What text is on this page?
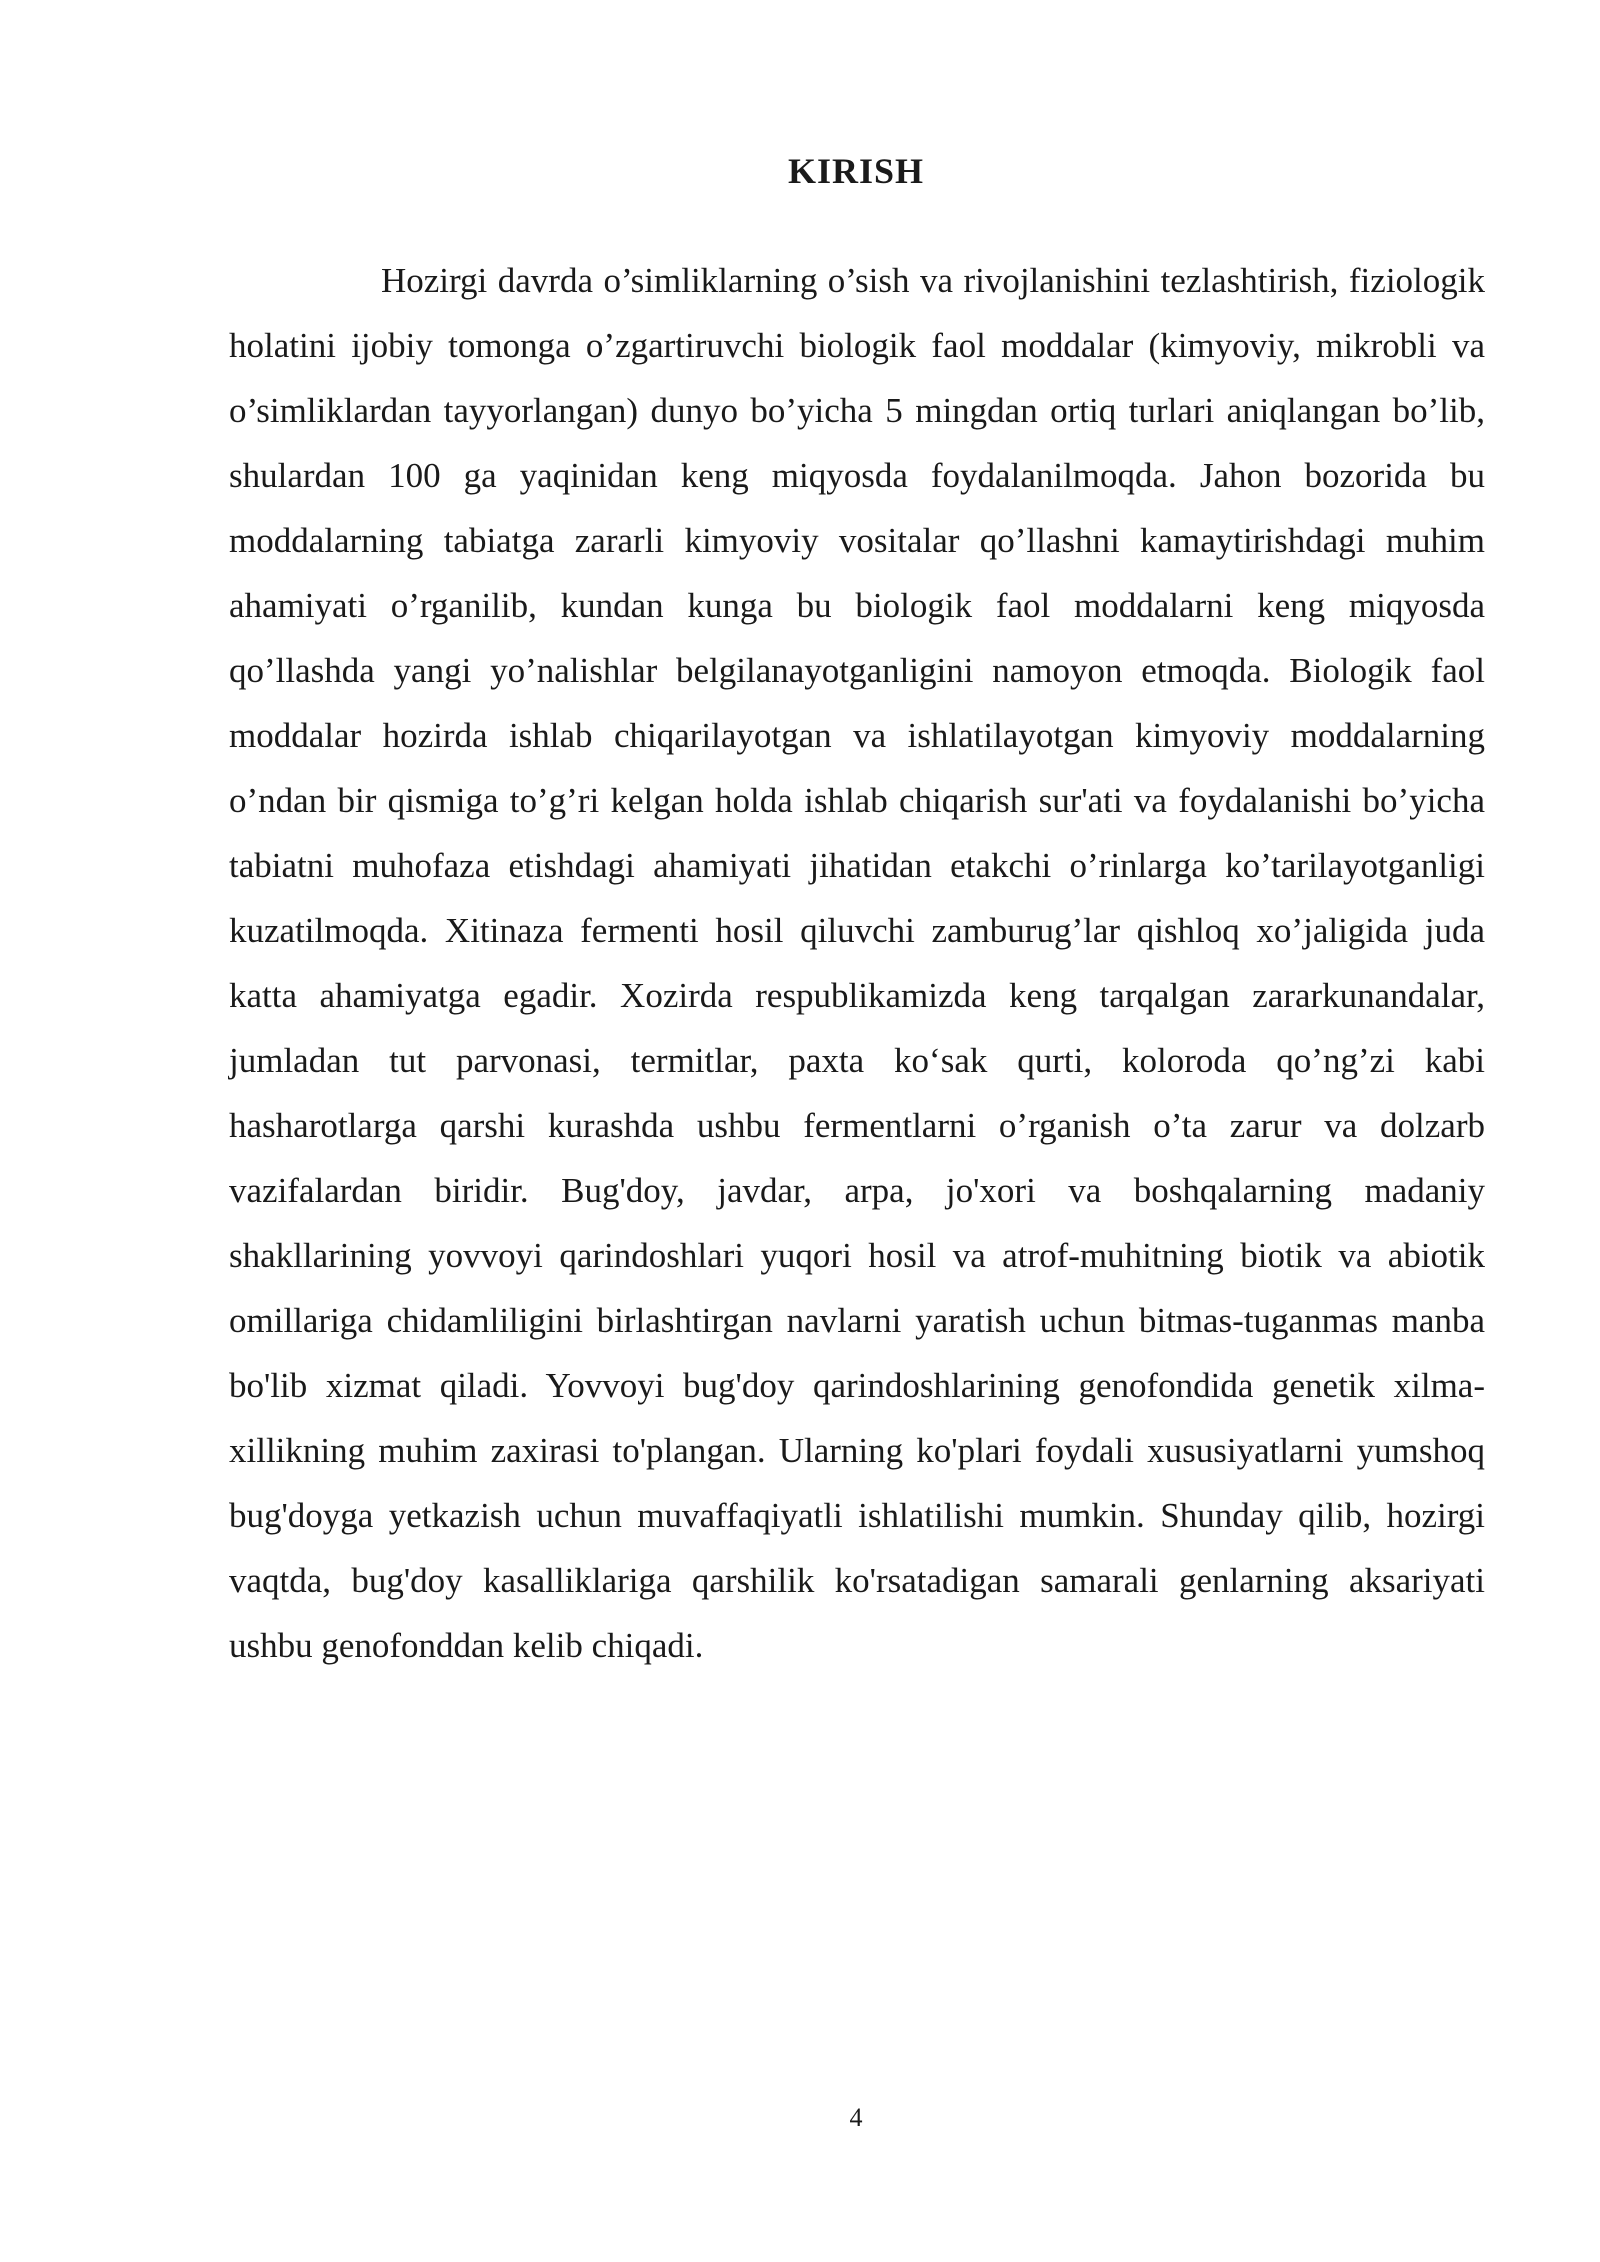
KIRISH

Hozirgi davrda o’simliklarning o’sish va rivojlanishini tezlashtirish, fiziologik holatini ijobiy tomonga o’zgartiruvchi biologik faol moddalar (kimyoviy, mikrobli va o’simliklardan tayyorlangan) dunyo bo’yicha 5 mingdan ortiq turlari aniqlangan bo’lib, shulardan 100 ga yaqinidan keng miqyosda foydalanilmoqda. Jahon bozorida bu moddalarning tabiatga zararli kimyoviy vositalar qo’llashni kamaytirishdagi muhim ahamiyati o’rganilib, kundan kunga bu biologik faol moddalarni keng miqyosda qo’llashda yangi yo’nalishlar belgilanayotganligini namoyon etmoqda. Biologik faol moddalar hozirda ishlab chiqarilayotgan va ishlatilayotgan kimyoviy moddalarning o’ndan bir qismiga to’g’ri kelgan holda ishlab chiqarish sur'ati va foydalanishi bo’yicha tabiatni muhofaza etishdagi ahamiyati jihatidan etakchi o’rinlarga ko’tarilayotganligi kuzatilmoqda. Xitinaza fermenti hosil qiluvchi zamburug’lar qishloq xo’jaligida juda katta ahamiyatga egadir. Xozirda respublikamizda keng tarqalgan zararkunandalar, jumladan tut parvonasi, termitlar, paxta ko‘sak qurti, koloroda qo’ng’zi kabi hasharotlarga qarshi kurashda ushbu fermentlarni o’rganish o’ta zarur va dolzarb vazifalardan biridir. Bug'doy, javdar, arpa, jo'xori va boshqalarning madaniy shakllarining yovvoyi qarindoshlari yuqori hosil va atrof-muhitning biotik va abiotik omillariga chidamliligini birlashtirgan navlarni yaratish uchun bitmas-tuganmas manba bo'lib xizmat qiladi. Yovvoyi bug'doy qarindoshlarining genofondida genetik xilma-xillikning muhim zaxirasi to'plangan. Ularning ko'plari foydali xususiyatlarni yumshoq bug'doyga yetkazish uchun muvaffaqiyatli ishlatilishi mumkin. Shunday qilib, hozirgi vaqtda, bug'doy kasalliklariga qarshilik ko'rsatadigan samarali genlarning aksariyati ushbu genofonddan kelib chiqadi.

4
